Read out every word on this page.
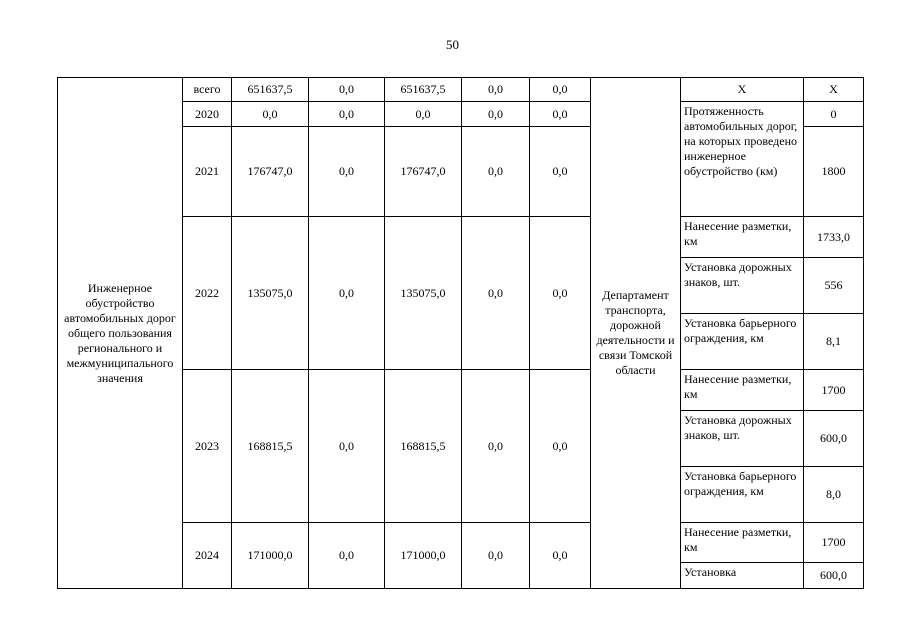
50
Инженерное обустройство автомобильных дорог общего пользования регионального и межмуниципального значения	всего	651637,5	0,0	651637,5	0,0	0,0	Департамент транспорта, дорожной деятельности и связи Томской области	Х	Х
	2020	0,0	0,0	0,0	0,0	0,0		Протяженность автомобильных дорог, на которых проведено инженерное обустройство (км)	0
	2021	176747,0	0,0	176747,0	0,0	0,0			1800
	2022	135075,0	0,0	135075,0	0,0	0,0		Нанесение разметки, км	1733,0
								Установка дорожных знаков, шт.	556
								Установка барьерного ограждения, км	8,1
	2023	168815,5	0,0	168815,5	0,0	0,0		Нанесение разметки, км	1700
								Установка дорожных знаков, шт.	600,0
								Установка барьерного ограждения, км	8,0
	2024	171000,0	0,0	171000,0	0,0	0,0		Нанесение разметки, км	1700
								Установка	600,0
